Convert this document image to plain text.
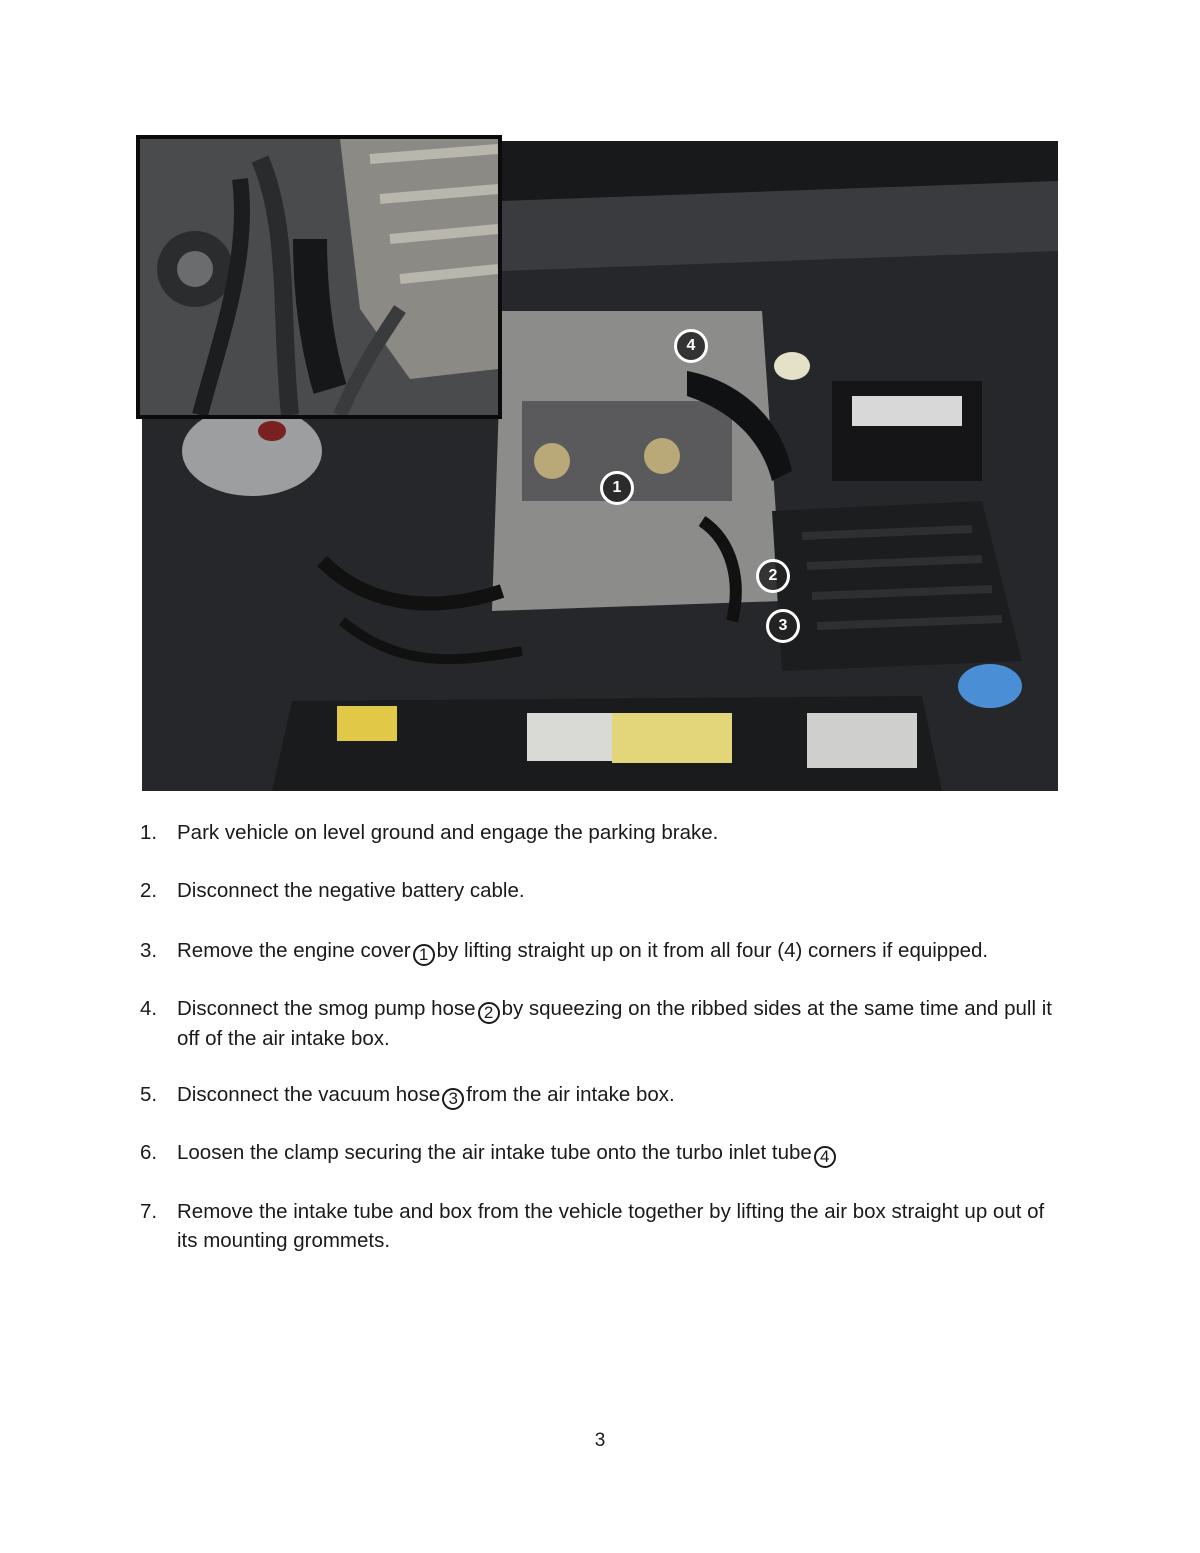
1
2
3
4
1. Park vehicle on level ground and engage the parking brake.
2. Disconnect the negative battery cable.
3. Remove the engine cover 1 by lifting straight up on it from all four (4) corners if equipped.
4. Disconnect the smog pump hose 2 by squeezing on the ribbed sides at the same time and pull it off of the air intake box.
5. Disconnect the vacuum hose 3 from the air intake box.
6. Loosen the clamp securing the air intake tube onto the turbo inlet tube 4
7. Remove the intake tube and box from the vehicle together by lifting the air box straight up out of its mounting grommets.
3
